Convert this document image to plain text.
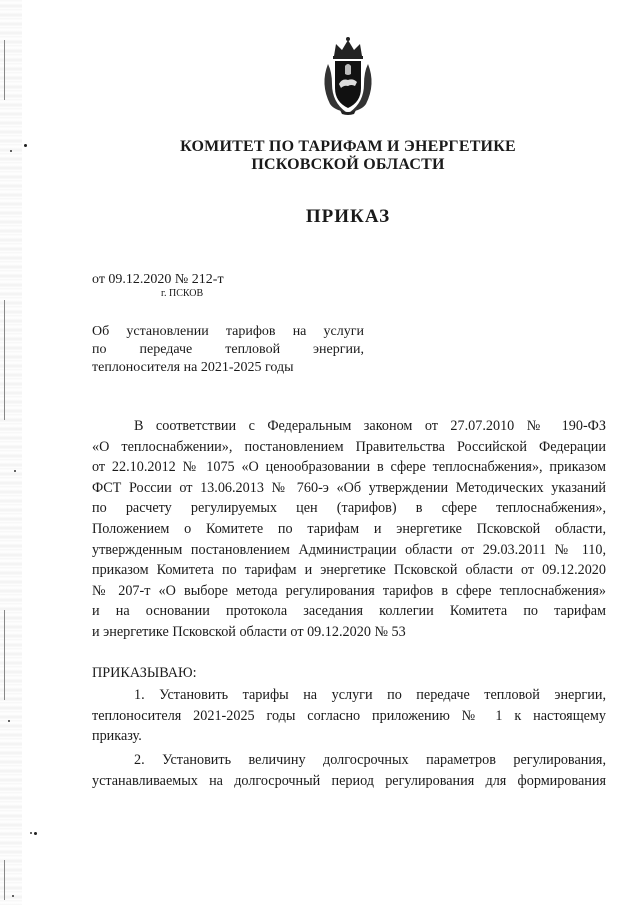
КОМИТЕТ ПО ТАРИФАМ И ЭНЕРГЕТИКЕ
ПСКОВСКОЙ ОБЛАСТИ
ПРИКАЗ
от 09.12.2020 № 212-т
г. ПСКОВ
Об установлении тарифов на услуги
по передаче тепловой энергии,
теплоносителя на 2021-2025 годы
В соответствии с Федеральным законом от 27.07.2010 № 190-ФЗ
«О теплоснабжении», постановлением Правительства Российской Федерации
от 22.10.2012 № 1075 «О ценообразовании в сфере теплоснабжения», приказом
ФСТ России от 13.06.2013 № 760-э «Об утверждении Методических указаний
по расчету регулируемых цен (тарифов) в сфере теплоснабжения»,
Положением о Комитете по тарифам и энергетике Псковской области,
утвержденным постановлением Администрации области от 29.03.2011 № 110,
приказом Комитета по тарифам и энергетике Псковской области от 09.12.2020
№ 207-т «О выборе метода регулирования тарифов в сфере теплоснабжения»
и на основании протокола заседания коллегии Комитета по тарифам
и энергетике Псковской области от 09.12.2020 № 53
ПРИКАЗЫВАЮ:
1. Установить тарифы на услуги по передаче тепловой энергии,
теплоносителя 2021-2025 годы согласно приложению № 1 к настоящему
приказу.
2. Установить величину долгосрочных параметров регулирования,
устанавливаемых на долгосрочный период регулирования для формирования
